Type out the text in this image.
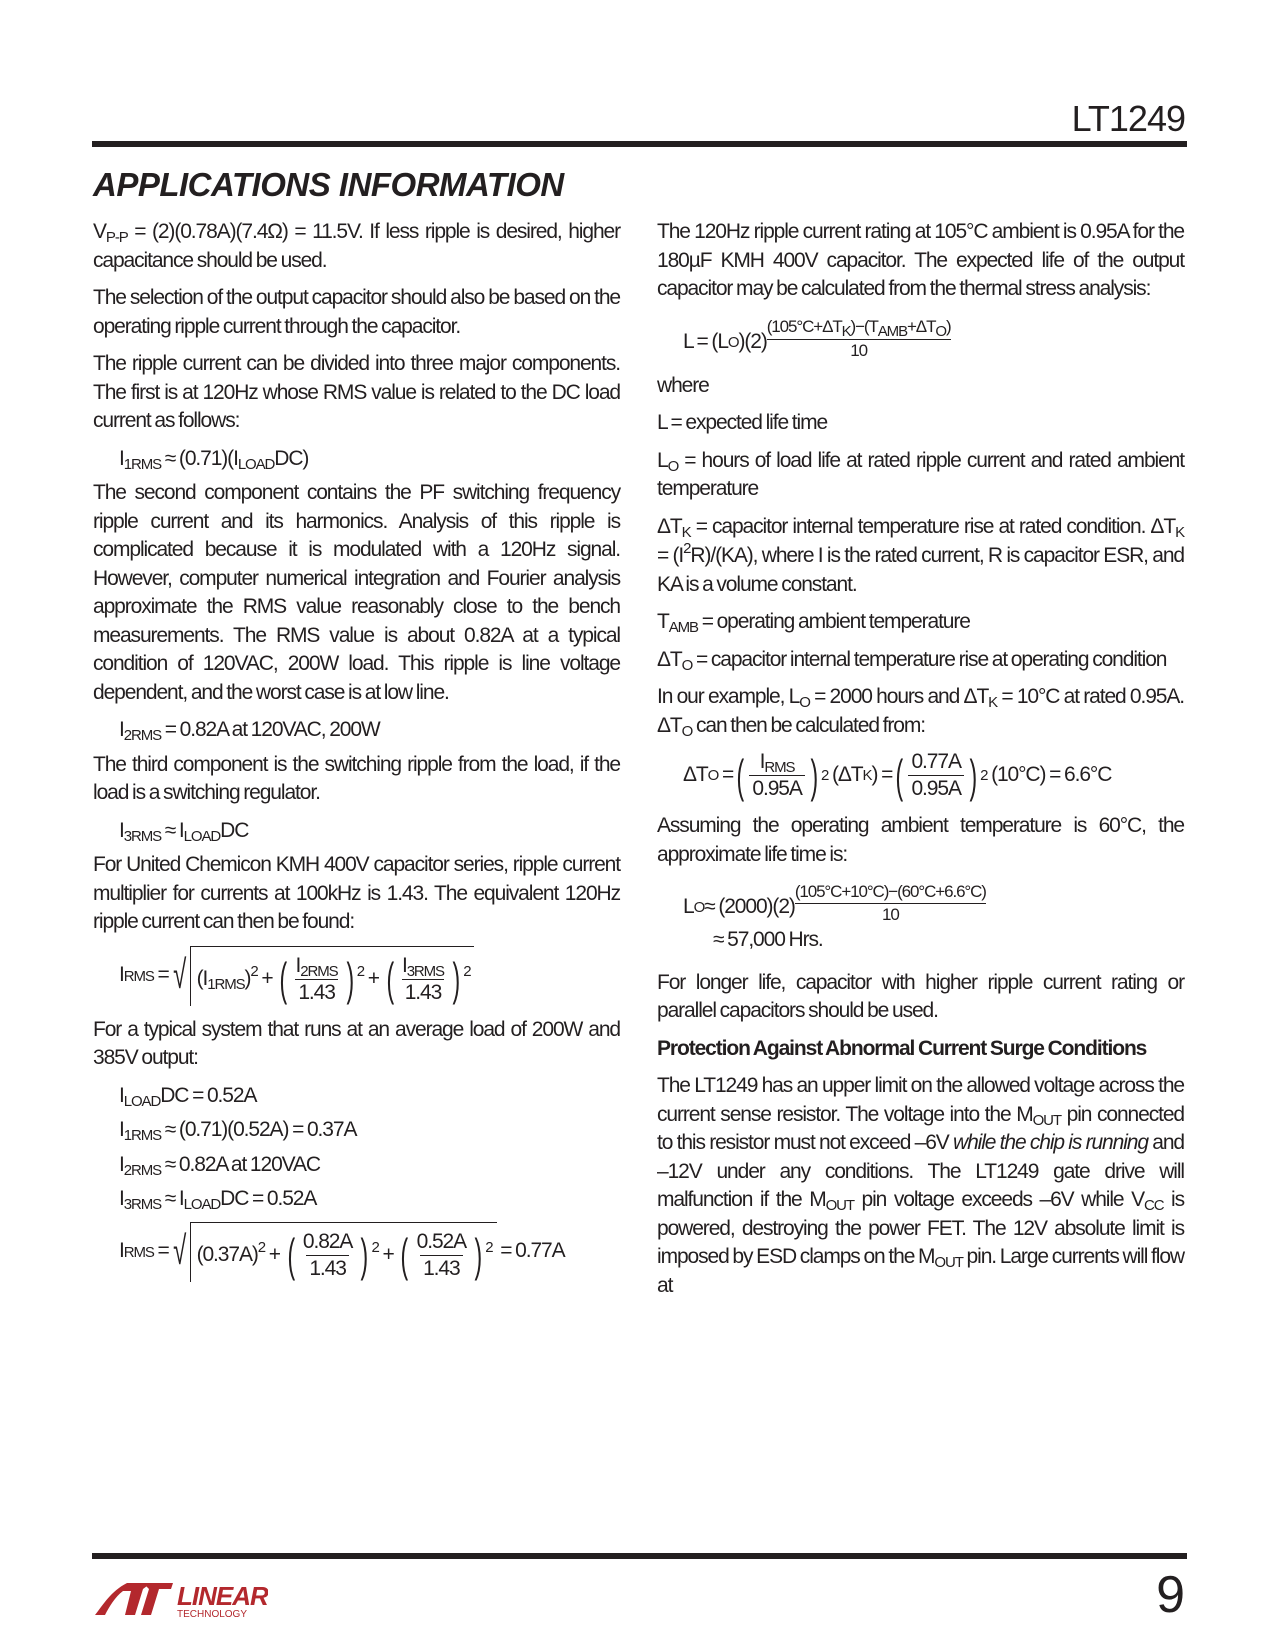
LT1249
APPLICATIONS INFORMATION

$V_{P-P} = (2)(0.78A)(7.4\Omega) = 11.5V$. If less ripple is desired, higher capacitance should be used.

The selection of the output capacitor should also be based on the operating ripple current through the capacitor.

The ripple current can be divided into three major components. The first is at 120Hz whose RMS value is related to the DC load current as follows:

$I_{1RMS} \approx (0.71)(I_{LOAD}DC)$

The second component contains the PF switching frequency ripple current and its harmonics. Analysis of this ripple is complicated because it is modulated with a 120Hz signal. However, computer numerical integration and Fourier analysis approximate the RMS value reasonably close to the bench measurements. The RMS value is about 0.82A at a typical condition of 120VAC, 200W load. This ripple is line voltage dependent, and the worst case is at low line.

$I_{2RMS} = 0.82A$ at 120VAC, 200W

The third component is the switching ripple from the load, if the load is a switching regulator.

$I_{3RMS} \approx I_{LOAD}DC$

For United Chemicon KMH 400V capacitor series, ripple current multiplier for currents at 100kHz is 1.43. The equivalent 120Hz ripple current can then be found:

I RMS
= √ $(I_{1RMS})^2$ + ( $\frac{I_{2RMS}}{1.43}$ ) $^2$ + ( $\frac{I_{3RMS}}{1.43}$ ) $^2$

For a typical system that runs at an average load of 200W and 385V output:

$I_{LOAD}DC = 0.52A$
$I_{1RMS} \approx (0.71)(0.52A) = 0.37A$
$I_{2RMS} \approx 0.82A$ at 120VAC
$I_{3RMS} \approx I_{LOAD}DC = 0.52A$
I RMS
= √ $(0.37A)^2$ + ( $\frac{0.82A}{1.43}$ ) $^2$ + ( $\frac{0.52A}{1.43}$ ) $^2$
= 0.77A

The 120Hz ripple current rating at 105°C ambient is 0.95A for the 180µF KMH 400V capacitor. The expected life of the output capacitor may be calculated from the thermal stress analysis:

L = (L O )(2)
$(105^\circ C+\Delta T_K)-(T_{AMB}+\Delta T_O)$
10

where

L = expected life time

$L_O$ = hours of load life at rated ripple current and rated ambient temperature

$\Delta T_K$ = capacitor internal temperature rise at rated condition. $\Delta T_K = (I^2R)/(KA)$, where I is the rated current, R is capacitor ESR, and KA is a volume constant.

$T_{AMB}$ = operating ambient temperature

$\Delta T_O$ = capacitor internal temperature rise at operating condition

In our example, $L_O = 2000$ hours and $\Delta T_K = 10^\circ C$ at rated 0.95A. $\Delta T_O$ can then be calculated from:

ΔT O
= ( $\frac{I_{RMS}}{0.95A}$ ) 2
(ΔT K ) = ( $\frac{0.77A}{0.95A}$ ) 2
(10°C) = 6.6°C

Assuming the operating ambient temperature is 60°C, the approximate life time is:

L O ≈ (2000)(2)
(105°C+10°C)−(60°C+6.6°C)
10
≈ 57,000 Hrs.

For longer life, capacitor with higher ripple current rating or parallel capacitors should be used.

Protection Against Abnormal Current Surge Conditions

The LT1249 has an upper limit on the allowed voltage across the current sense resistor. The voltage into the $M_{OUT}$ pin connected to this resistor must not exceed –6V while the chip is running and –12V under any conditions. The LT1249 gate drive will malfunction if the $M_{OUT}$ pin voltage exceeds –6V while $V_{CC}$ is powered, destroying the power FET. The 12V absolute limit is imposed by ESD clamps on the $M_{OUT}$ pin. Large currents will flow at

LINEAR
TECHNOLOGY	9
